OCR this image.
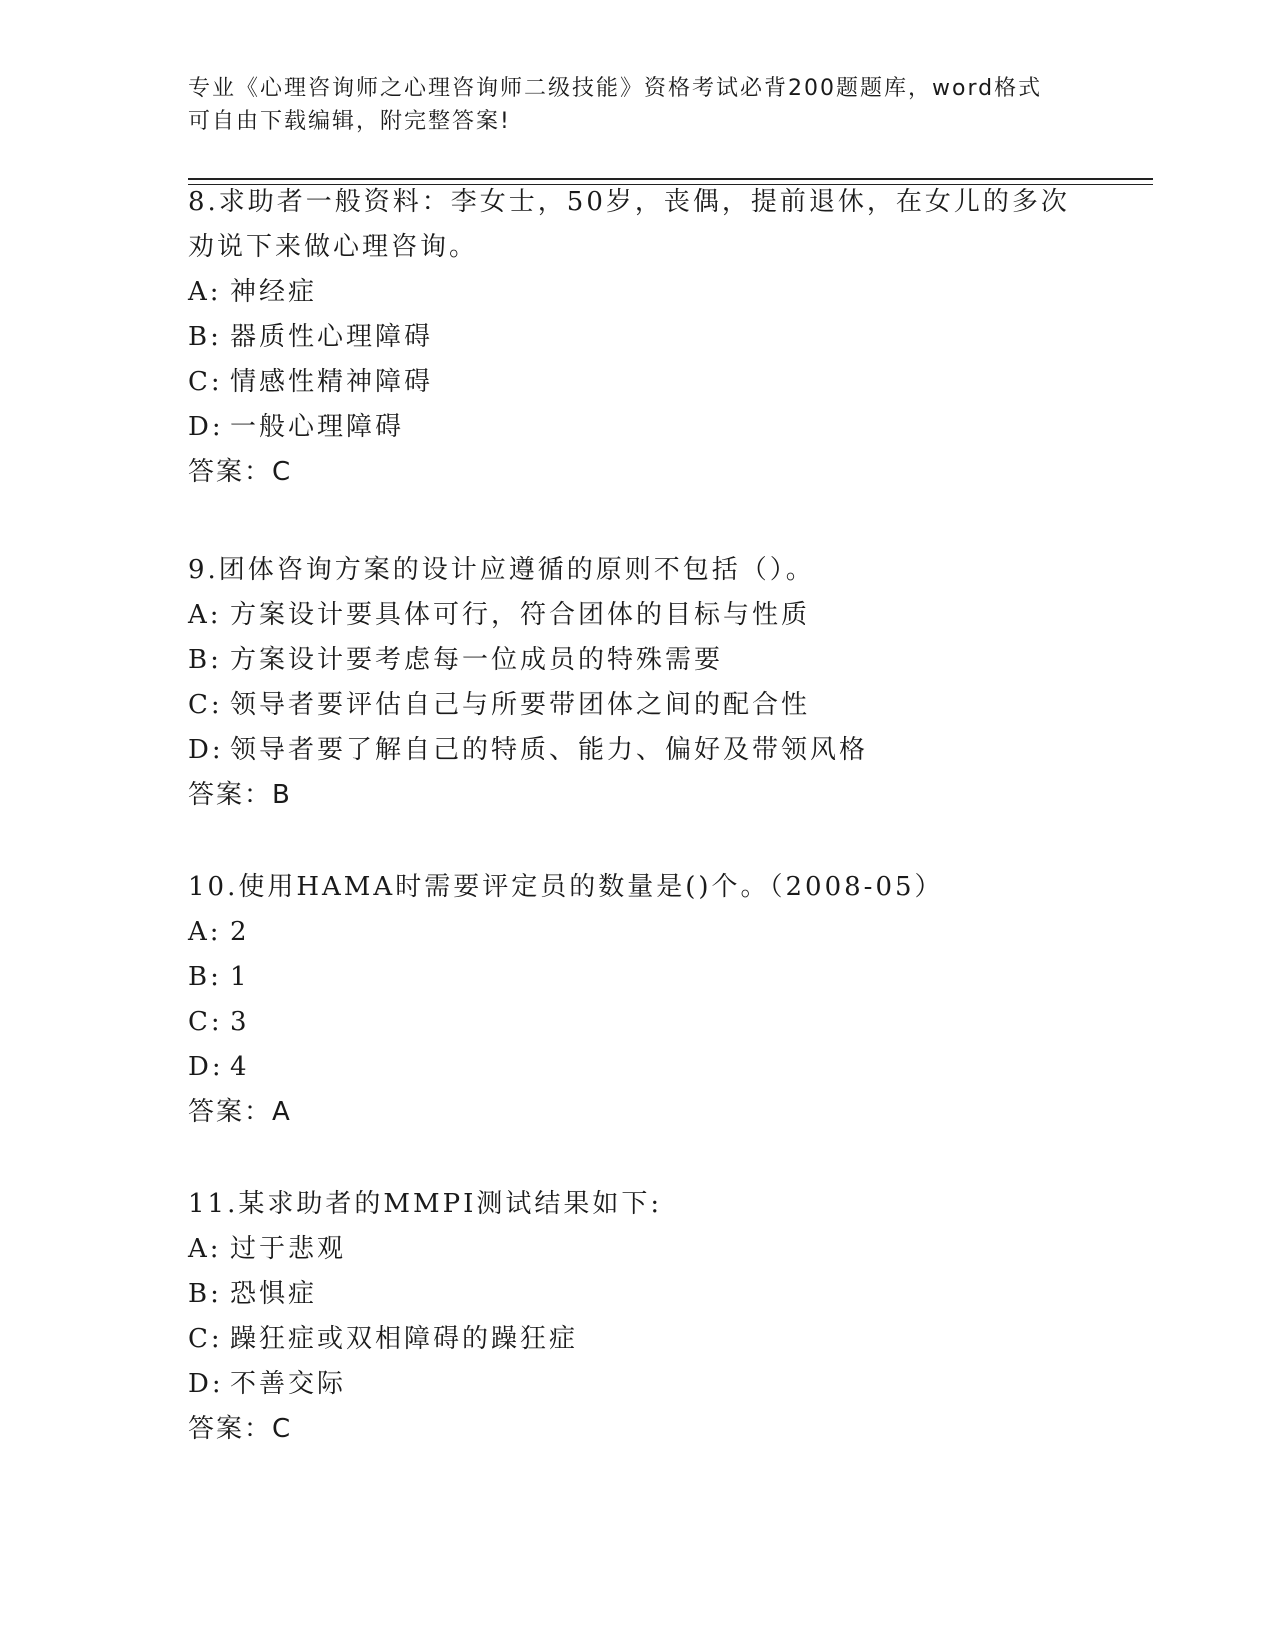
专业《心理咨询师之心理咨询师二级技能》资格考试必背200题题库，word格式
可自由下载编辑，附完整答案!
8.求助者一般资料：李女士，50岁，丧偶，提前退休，在女儿的多次
劝说下来做心理咨询。
A: 神经症
B: 器质性心理障碍
C: 情感性精神障碍
D: 一般心理障碍
答案：C
9.团体咨询方案的设计应遵循的原则不包括（）。
A: 方案设计要具体可行，符合团体的目标与性质
B: 方案设计要考虑每一位成员的特殊需要
C: 领导者要评估自己与所要带团体之间的配合性
D: 领导者要了解自己的特质、能力、偏好及带领风格
答案：B
10.使用HAMA时需要评定员的数量是()个。（2008-05）
A: 2
B: 1
C: 3
D: 4
答案：A
11.某求助者的MMPI测试结果如下:
A: 过于悲观
B: 恐惧症
C: 躁狂症或双相障碍的躁狂症
D: 不善交际
答案：C
